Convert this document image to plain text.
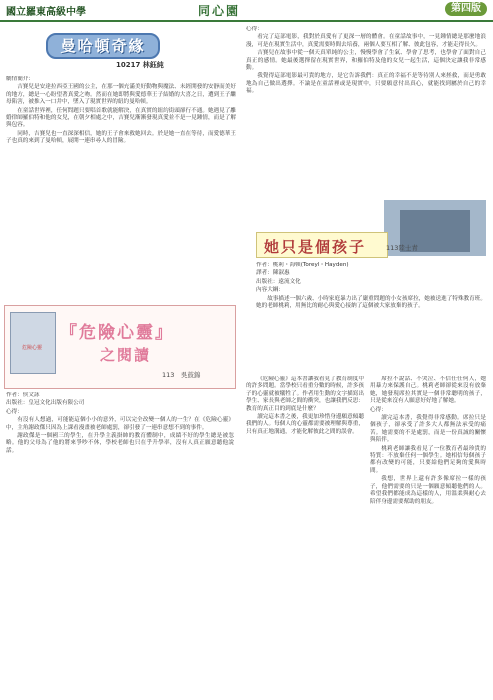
國立羅東高級中學	同心園	第四版
曼哈頓奇緣
10217 林鈺純

劇情簡介：

吉賽兒是安達拉西亞王國的公主，在那一個充滿美好動物與魔法、未經開發的安靜而美好的地方，總是一心盼望著真愛之吻。然而在她即將與愛德華王子結婚的大喜之日，遭到王子繼母陷害，被推入一口井中，墜入了現實世界的紐約曼哈頓。

在童話世界裡，任何問題只要唱首歌就能解決，在真實的紐約街頭卻行不通。她遇見了離婚律師羅伯特和他的女兒，在朝夕相處之中，吉賽兒漸漸發現真愛並不是一見鍾情，而是了解與包容。

同時，吉賽兒也一直深深相信，她的王子會來救她回去。於是她一直在等待，而愛德華王子也真的來到了曼哈頓，展開一連串尋人的冒險。

心得：

看完了這部電影，我對於真愛有了更深一層的體會。在童話故事中，一見鍾情總是那麼地浪漫，可是在現實生活中，真愛需要時間去培養，兩個人要互相了解、彼此包容，才能走得長久。

吉賽兒在故事中從一個天真單純的公主，慢慢學會了生氣、學會了思考，也學會了面對自己真正的感情。她最後選擇留在現實世界，和羅伯特及他的女兒一起生活，這個決定讓我非常感動。

我覺得這部電影最可貴的地方，是它告訴我們：真正的幸福不是等待別人來拯救，而是勇敢地為自己做出選擇。不論是在童話裡或是現實中，只要願意付出真心，就能找到屬於自己的幸福。

危險心靈
『危險心靈』
之閱讀
113　吳鼓錦

作者：侯文詠

出版社：皇冠文化出版有限公司

心得：

有沒有人想過，可能能這個小小的意外，可以完全改變一個人的一生？在《危險心靈》中，主角謝政傑只因為上課看漫畫被老師處罰，卻引發了一連串意想不到的事件。

謝政傑是一個國三的學生，在升學主義掛帥的教育體制中，成績不好的學生總是被忽略。他的父母為了他的將來爭吵不休，學校老師也只在乎升學率，沒有人真正願意聽他說話。

《危險心靈》這本書讓我看見了教育制度中的許多問題。當學校只看重分數的時候，許多孩子的心靈就被犧牲了。作者用生動的文字描寫出學生、家長與老師之間的衝突，也讓我們反思：教育的真正目的到底是什麼？

讀完這本書之後，我更加珍惜身邊願意傾聽我們的人。每個人的心靈都需要被理解與尊重，只有真正地溝通，才能化解彼此之間的誤會。

她只是個孩子	113陸士青

作者：桃莉・海頓(Toreyl・Hayden)

譯者：陳淑惠

出版社：遠流文化

內容大綱：

故事描述一個六歲、小時家庭暴力出了嚴重問題的小女孩席拉，她被送進了特殊教育班。她的老師桃莉，用無比的耐心與愛心接納了這個被大家放棄的孩子。

席拉不說話、不哭泣、不信任任何人，她用暴力來保護自己。桃莉老師卻從來沒有放棄她，她發現席拉其實是一個非常聰明的孩子，只是從來沒有人願意好好地了解她。

心得：

讀完這本書，我覺得非常感動。席拉只是個孩子，卻承受了許多大人都無法承受的痛苦。她需要的不是處罰，而是一份真誠的關懷與陪伴。

桃莉老師讓我看見了一位教育者最珍貴的特質：不放棄任何一個學生。她相信每個孩子都有改變的可能，只要給他們足夠的愛與時間。

我想，世界上還有許多像席拉一樣的孩子，他們需要的只是一個願意傾聽他們的人。希望我們都能成為這樣的人，用溫柔與耐心去陪伴身邊需要幫助的朋友。
